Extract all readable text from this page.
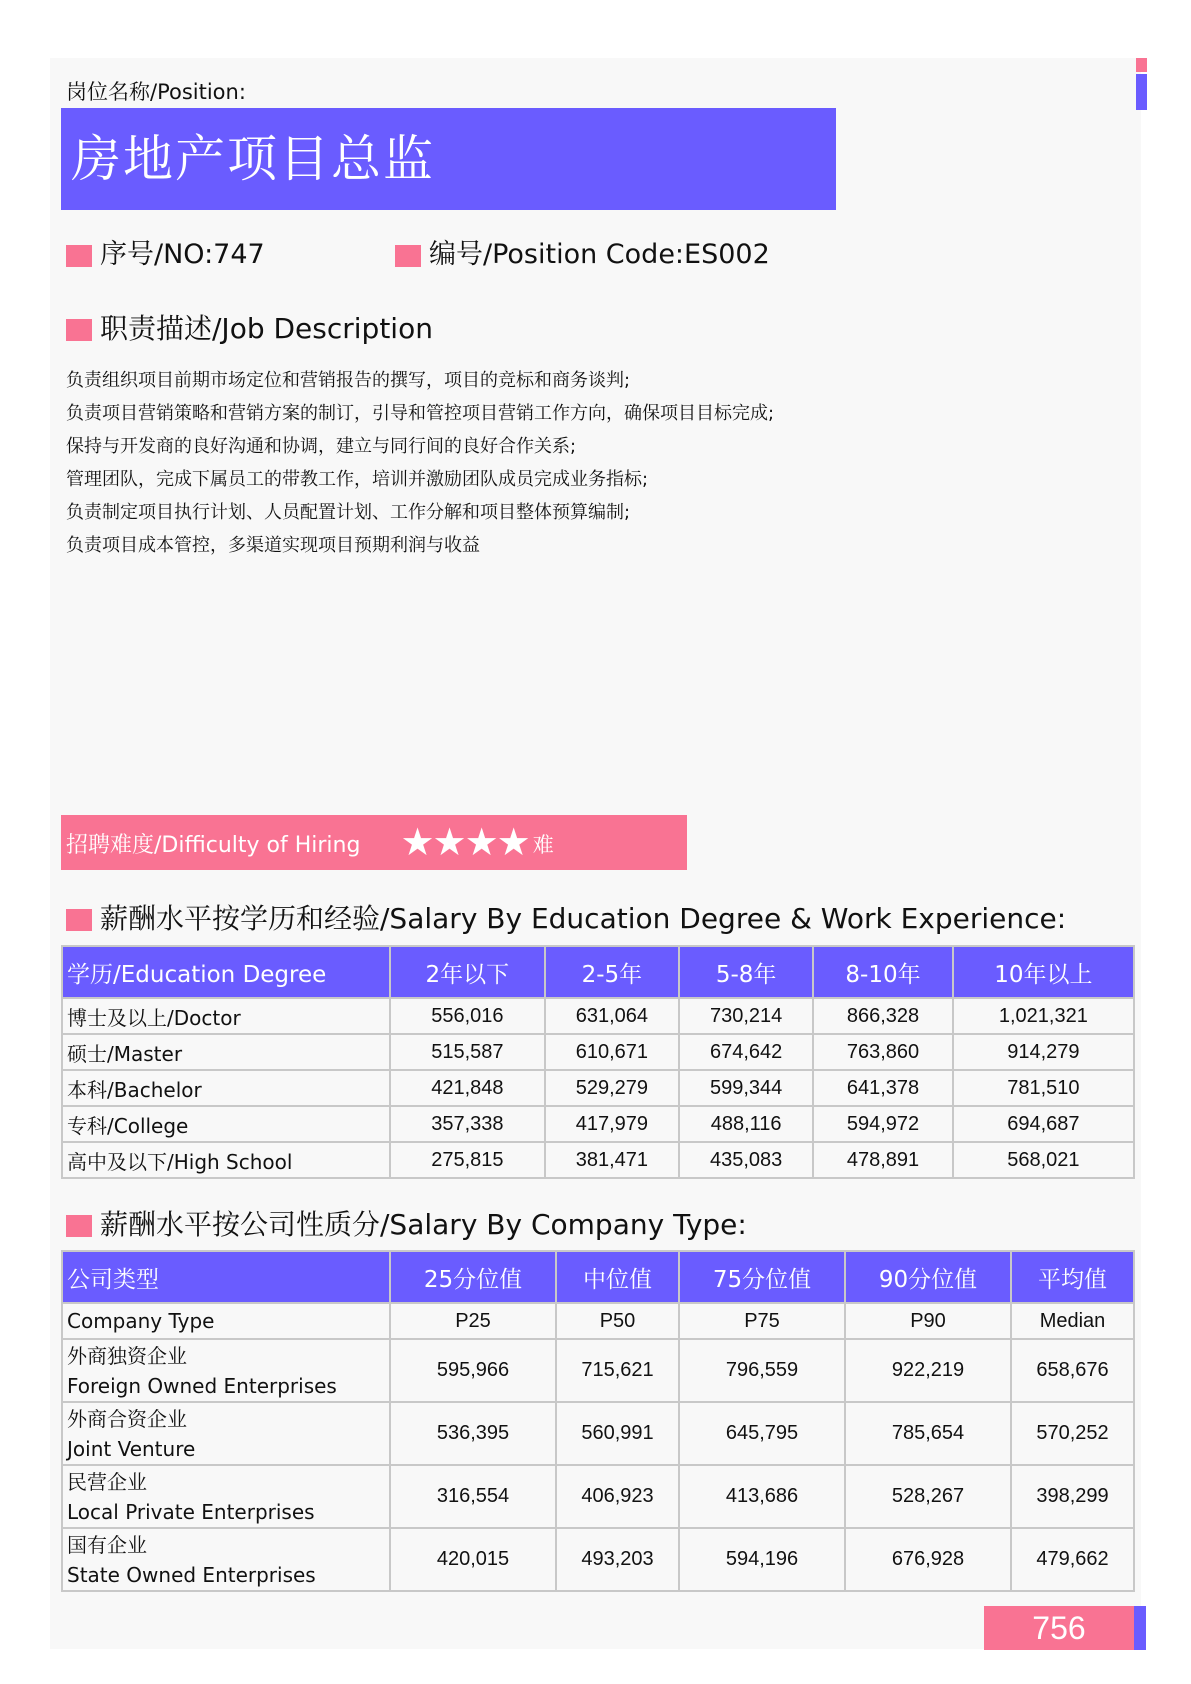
岗位名称/Position:
房地产项目总监
序号/NO:747	编号/Position Code:ES002
职责描述/Job Description
负责组织项目前期市场定位和营销报告的撰写，项目的竞标和商务谈判;
负责项目营销策略和营销方案的制订，引导和管控项目营销工作方向，确保项目目标完成;
保持与开发商的良好沟通和协调，建立与同行间的良好合作关系;
管理团队，完成下属员工的带教工作，培训并激励团队成员完成业务指标;
负责制定项目执行计划、人员配置计划、工作分解和项目整体预算编制;
负责项目成本管控，多渠道实现项目预期利润与收益
招聘难度/Difficulty of Hiring ★★★★ 难
薪酬水平按学历和经验/Salary By Education Degree & Work Experience:
学历/Education Degree	2年以下	2-5年	5-8年	8-10年	10年以上
博士及以上/Doctor	556,016	631,064	730,214	866,328	1,021,321
硕士/Master	515,587	610,671	674,642	763,860	914,279
本科/Bachelor	421,848	529,279	599,344	641,378	781,510
专科/College	357,338	417,979	488,116	594,972	694,687
高中及以下/High School	275,815	381,471	435,083	478,891	568,021
薪酬水平按公司性质分/Salary By Company Type:
公司类型	25分位值	中位值	75分位值	90分位值	平均值
Company Type	P25	P50	P75	P90	Median

外商独资企业
Foreign Owned Enterprises	595,966	715,621	796,559	922,219	658,676

外商合资企业
Joint Venture	536,395	560,991	645,795	785,654	570,252

民营企业
Local Private Enterprises	316,554	406,923	413,686	528,267	398,299

国有企业
State Owned Enterprises	420,015	493,203	594,196	676,928	479,662
756
